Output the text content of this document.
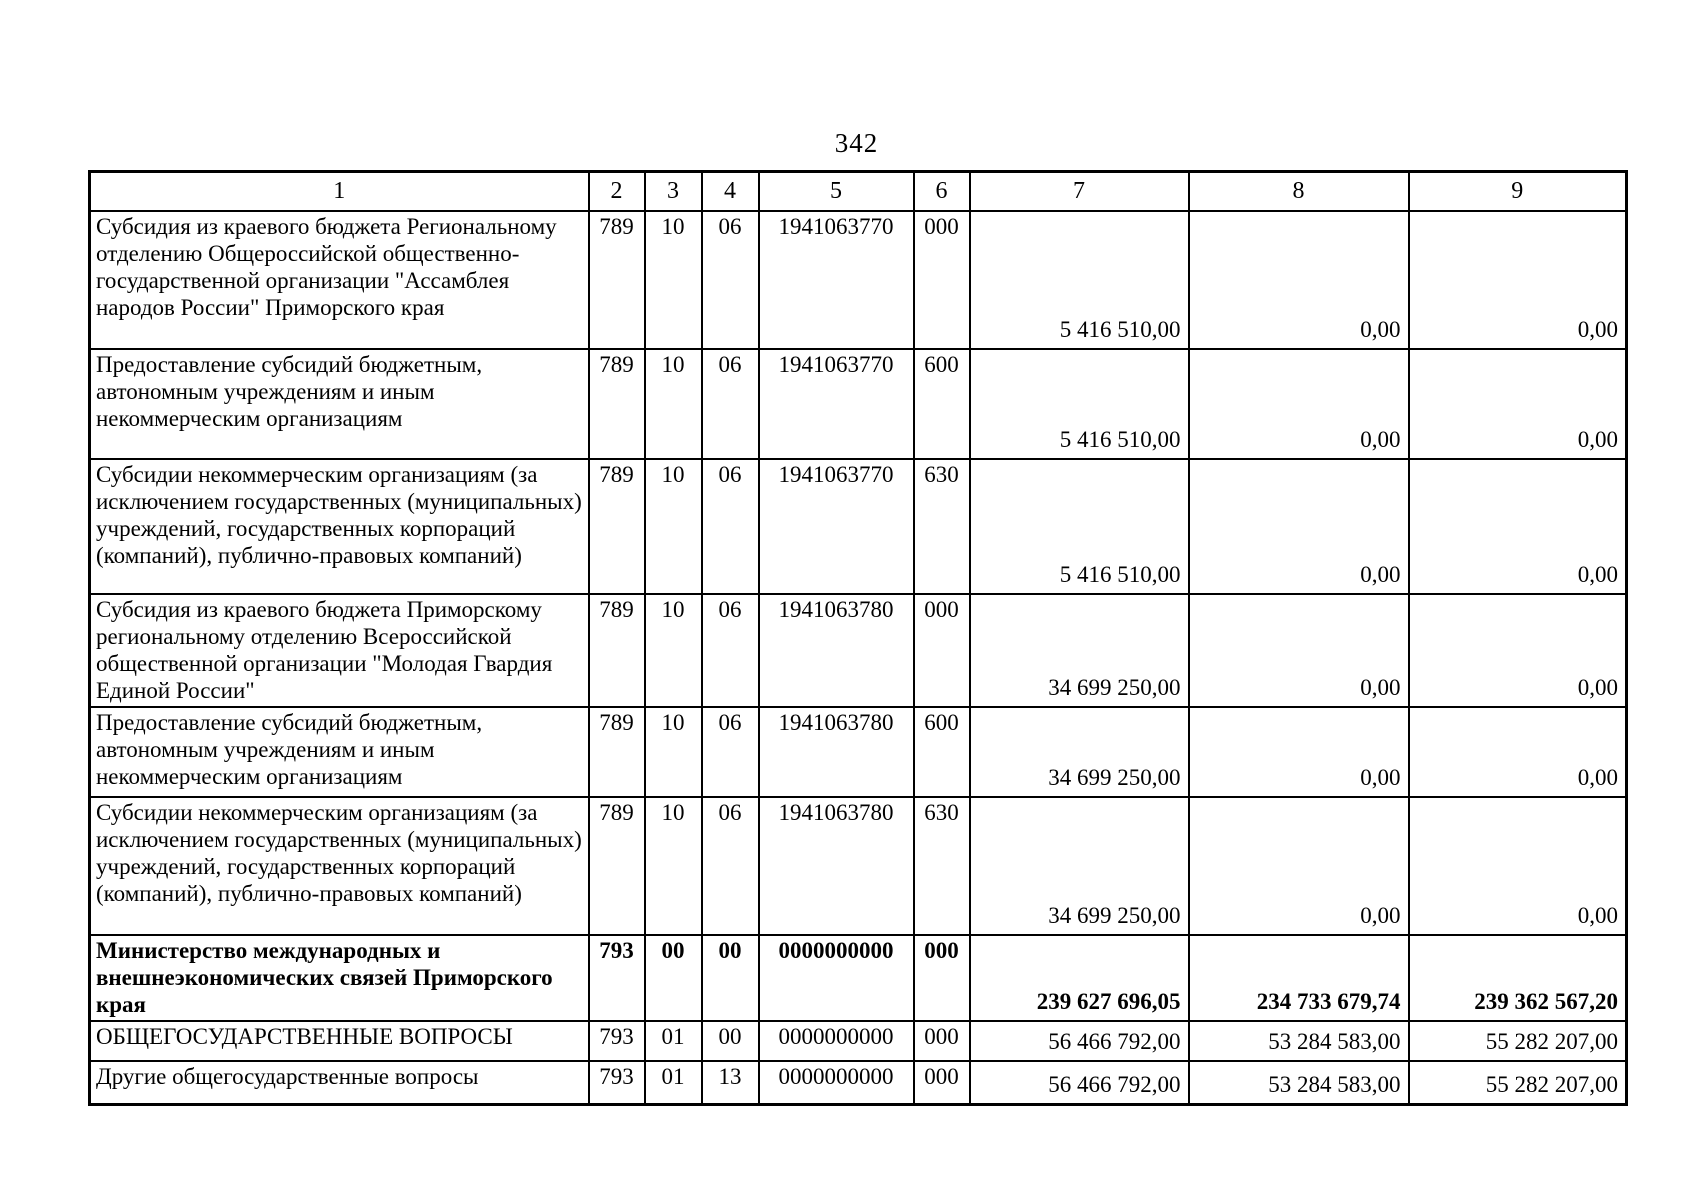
342
1	2	3	4	5	6	7	8	9
Субсидия из краевого бюджета Региональному отделению Общероссийской общественно-государственной организации "Ассамблея народов России" Приморского края	789	10	06	1941063770	000	5 416 510,00	0,00	0,00
Предоставление субсидий бюджетным, автономным учреждениям и иным некоммерческим организациям	789	10	06	1941063770	600	5 416 510,00	0,00	0,00
Субсидии некоммерческим организациям (за исключением государственных (муниципальных) учреждений, государственных корпораций (компаний), публично-правовых компаний)	789	10	06	1941063770	630	5 416 510,00	0,00	0,00
Субсидия из краевого бюджета Приморскому региональному отделению Всероссийской общественной организации "Молодая Гвардия Единой России"	789	10	06	1941063780	000	34 699 250,00	0,00	0,00
Предоставление субсидий бюджетным, автономным учреждениям и иным некоммерческим организациям	789	10	06	1941063780	600	34 699 250,00	0,00	0,00
Субсидии некоммерческим организациям (за исключением государственных (муниципальных) учреждений, государственных корпораций (компаний), публично-правовых компаний)	789	10	06	1941063780	630	34 699 250,00	0,00	0,00
Министерство международных и внешнеэкономических связей Приморского края	793	00	00	0000000000	000	239 627 696,05	234 733 679,74	239 362 567,20
ОБЩЕГОСУДАРСТВЕННЫЕ ВОПРОСЫ	793	01	00	0000000000	000	56 466 792,00	53 284 583,00	55 282 207,00
Другие общегосударственные вопросы	793	01	13	0000000000	000	56 466 792,00	53 284 583,00	55 282 207,00
